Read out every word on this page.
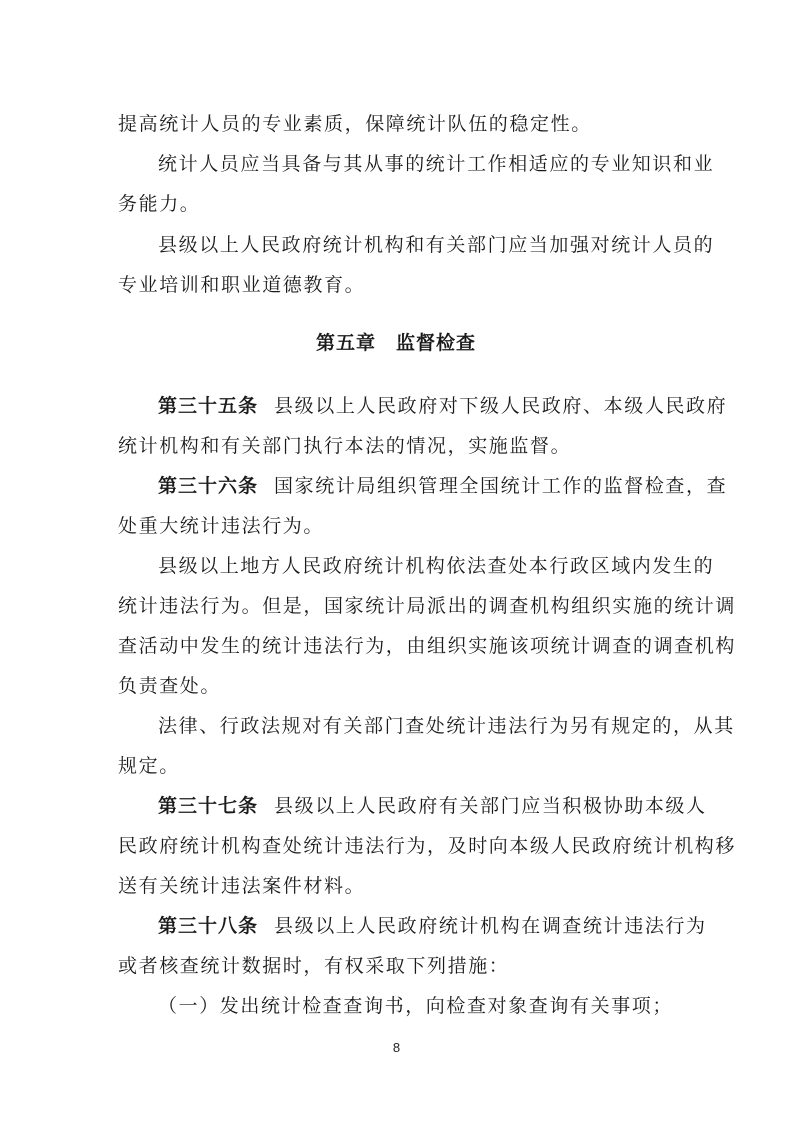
提高统计人员的专业素质，保障统计队伍的稳定性。
统计人员应当具备与其从事的统计工作相适应的专业知识和业
务能力。
县级以上人民政府统计机构和有关部门应当加强对统计人员的
专业培训和职业道德教育。
第五章　监督检查
第三十五条 县级以上人民政府对下级人民政府、本级人民政府
统计机构和有关部门执行本法的情况，实施监督。
第三十六条 国家统计局组织管理全国统计工作的监督检查，查
处重大统计违法行为。
县级以上地方人民政府统计机构依法查处本行政区域内发生的
统计违法行为。但是，国家统计局派出的调查机构组织实施的统计调
查活动中发生的统计违法行为，由组织实施该项统计调查的调查机构
负责查处。
法律、行政法规对有关部门查处统计违法行为另有规定的，从其
规定。
第三十七条 县级以上人民政府有关部门应当积极协助本级人
民政府统计机构查处统计违法行为，及时向本级人民政府统计机构移
送有关统计违法案件材料。
第三十八条 县级以上人民政府统计机构在调查统计违法行为
或者核查统计数据时，有权采取下列措施：
（一）发出统计检查查询书，向检查对象查询有关事项；
8
